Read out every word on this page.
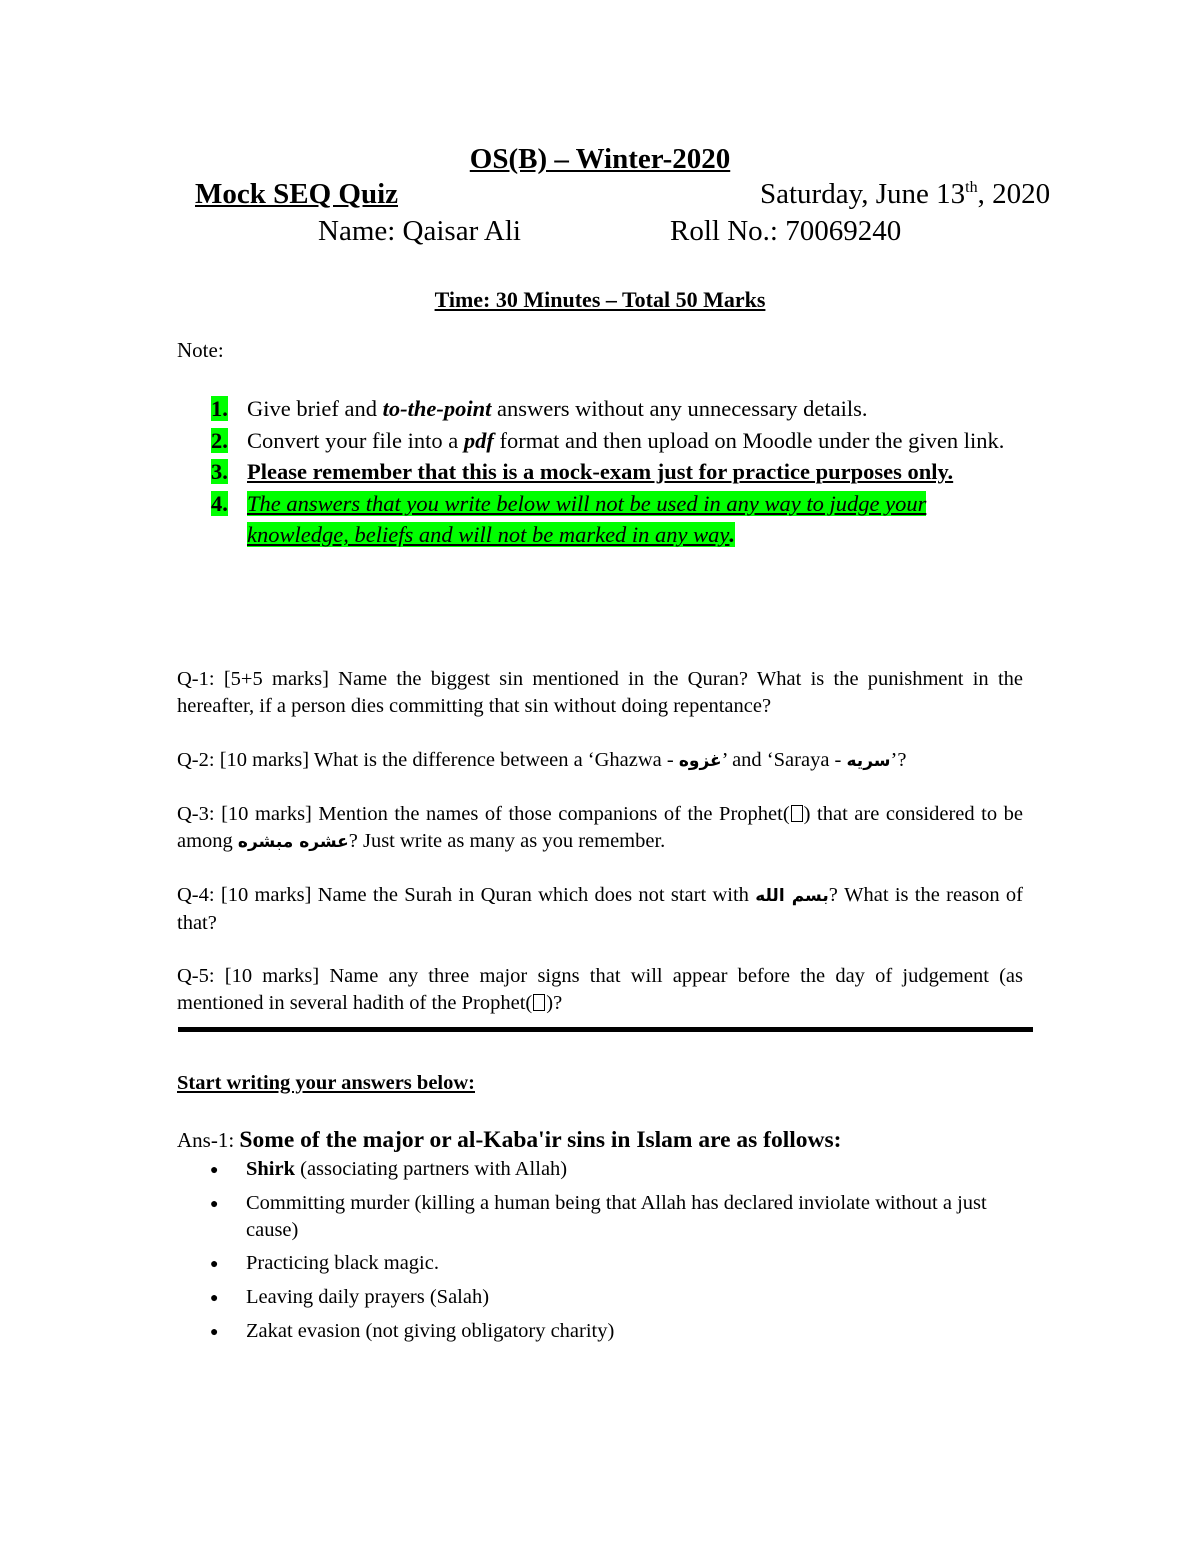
OS(B) – Winter-2020
Mock SEQ Quiz	Saturday, June 13th, 2020
Name: Qaisar Ali	Roll No.: 70069240
Time: 30 Minutes – Total 50 Marks
Note:
1. Give brief and to-the-point answers without any unnecessary details.
2. Convert your file into a pdf format and then upload on Moodle under the given link.
3. Please remember that this is a mock-exam just for practice purposes only.
4. The answers that you write below will not be used in any way to judge your knowledge, beliefs and will not be marked in any way.
Q-1: [5+5 marks] Name the biggest sin mentioned in the Quran? What is the punishment in the hereafter, if a person dies committing that sin without doing repentance?
Q-2: [10 marks] What is the difference between a ‘Ghazwa - غزوه’ and ‘Saraya - سریه’?
Q-3: [10 marks] Mention the names of those companions of the Prophet( ) that are considered to be among عشره مبشره? Just write as many as you remember.
Q-4: [10 marks] Name the Surah in Quran which does not start with بسم الله? What is the reason of that?
Q-5: [10 marks] Name any three major signs that will appear before the day of judgement (as mentioned in several hadith of the Prophet( )?
Start writing your answers below:
Ans-1: Some of the major or al-Kaba'ir sins in Islam are as follows:
●	Shirk (associating partners with Allah)
●	Committing murder (killing a human being that Allah has declared inviolate without a just cause)
●	Practicing black magic.
●	Leaving daily prayers (Salah)
●	Zakat evasion (not giving obligatory charity)
